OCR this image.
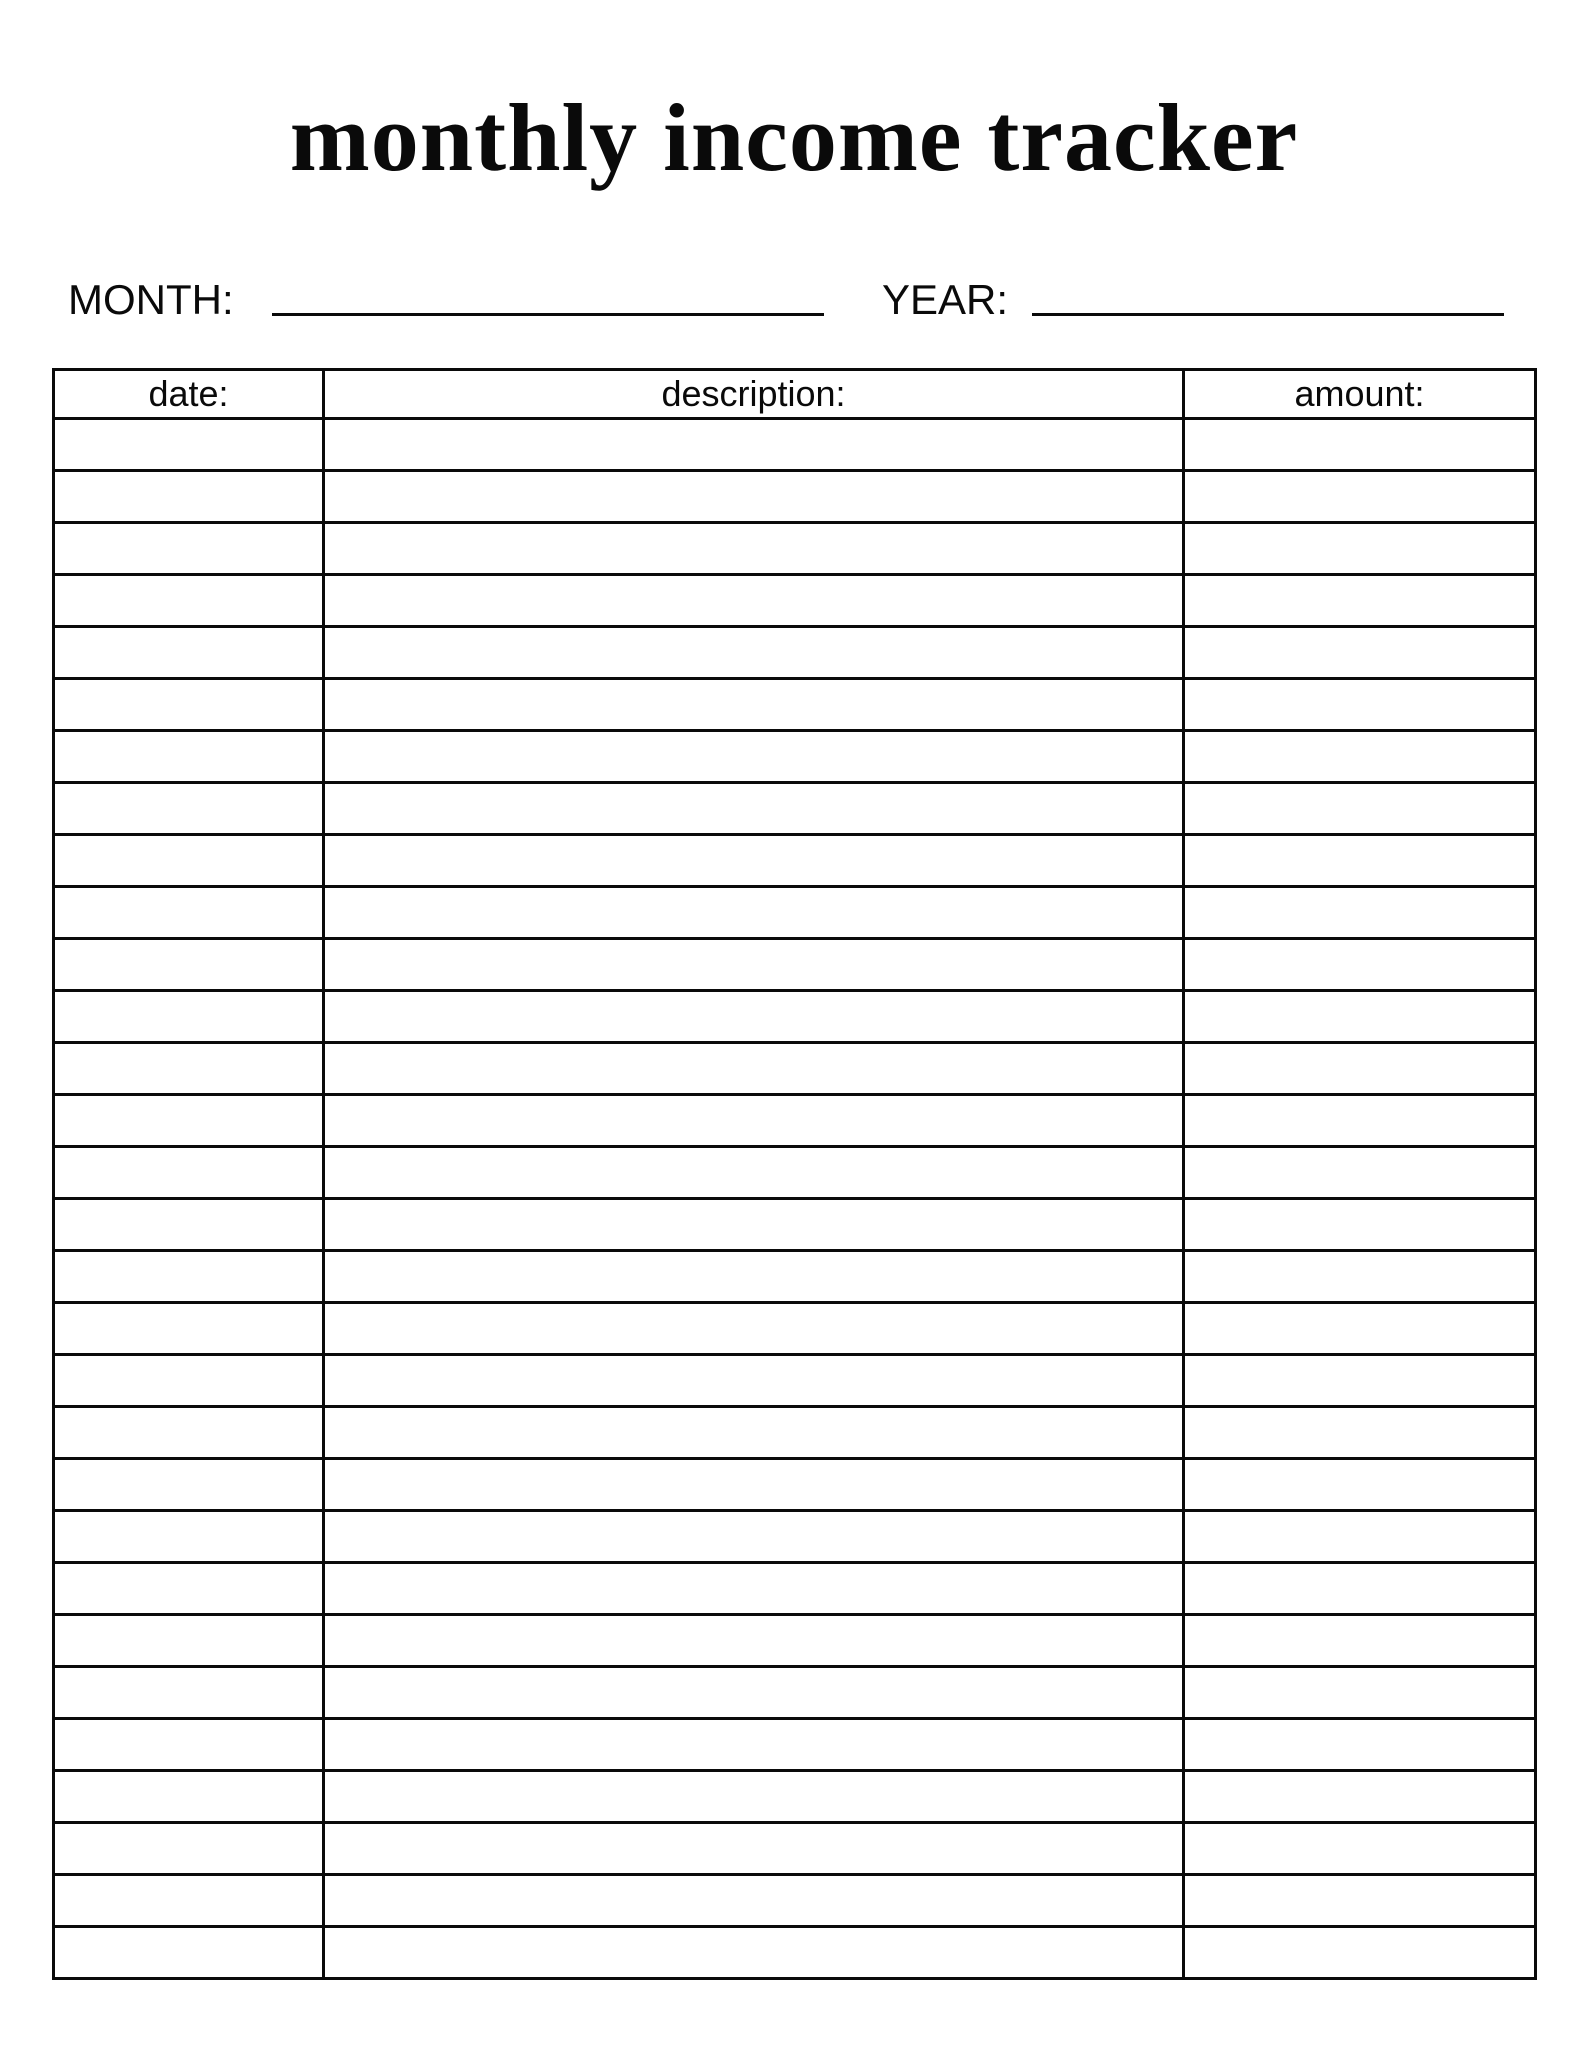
monthly income tracker
MONTH:	YEAR:
date:	description:	amount:
